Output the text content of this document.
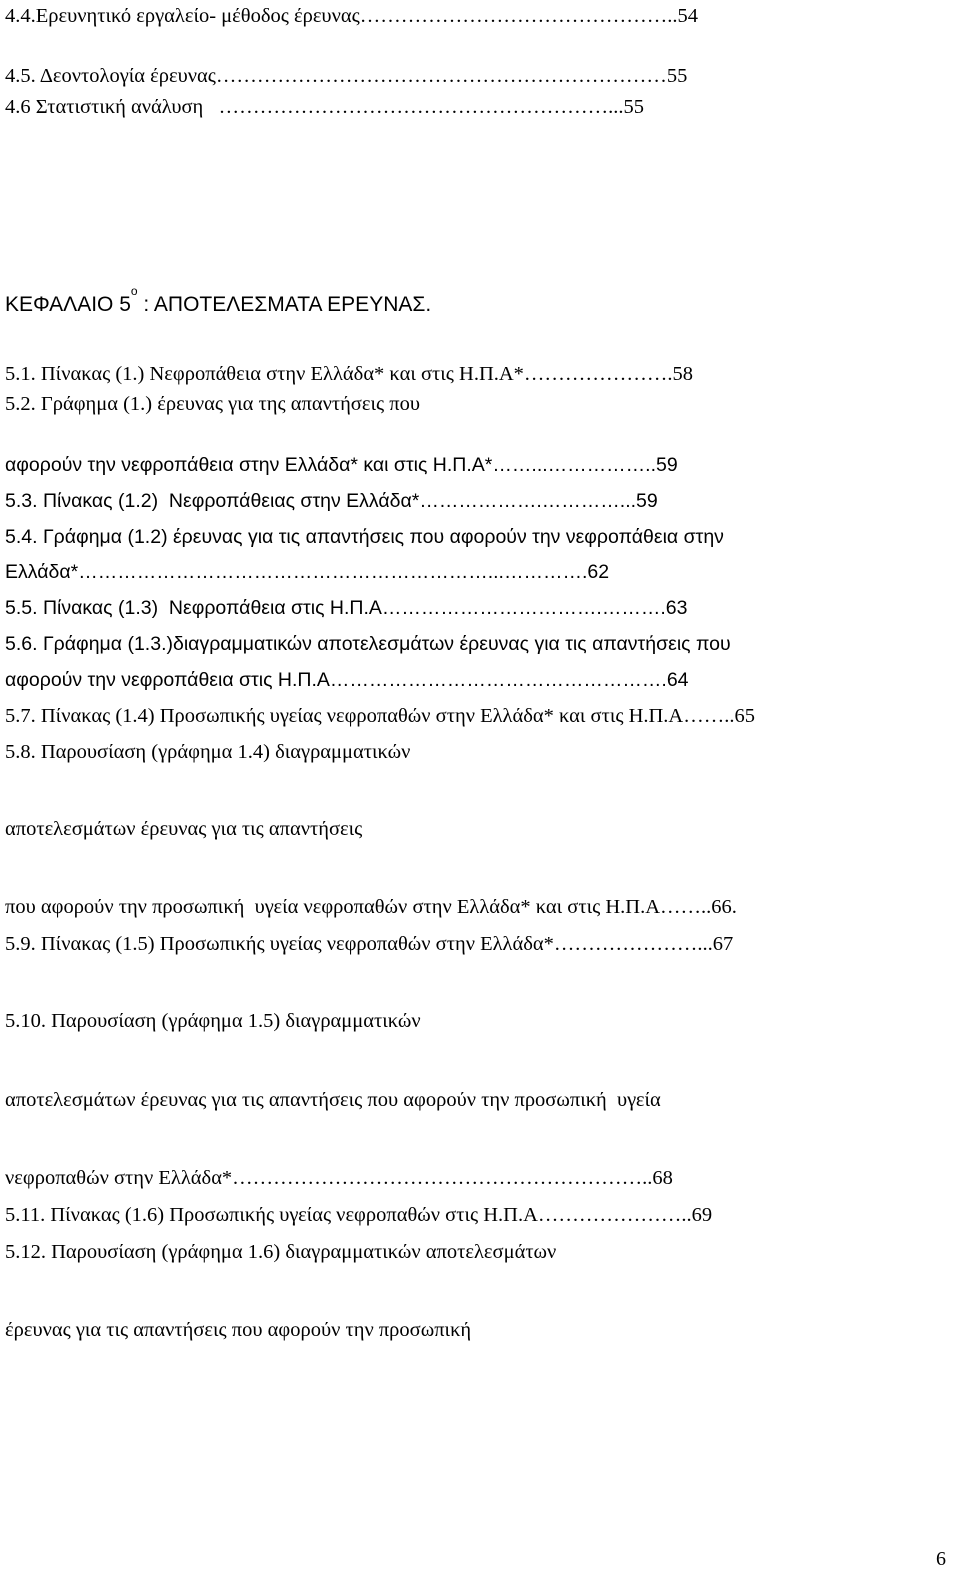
4.4.Ερευνητικό εργαλείο- μέθοδος έρευνας………………………………………..54
4.5. Δεοντολογία έρευνας…………………………………………………………55
4.6 Στατιστική ανάλυση   …………………………………………………...55
ΚΕΦΑΛΑΙΟ $5^o$ : ΑΠΟΤΕΛΕΣΜΑΤΑ ΕΡΕΥΝΑΣ.
5.1. Πίνακας (1.) Νεφροπάθεια στην Ελλάδα* και στις Η.Π.Α*………………….58
5.2. Γράφημα (1.) έρευνας για της απαντήσεις που
αφορούν την νεφροπάθεια στην Ελλάδα* και στις Η.Π.Α*……...……………..59
5.3. Πίνακας (1.2)  Νεφροπάθειας στην Ελλάδα*……………….…………...59
5.4. Γράφημα (1.2) έρευνας για τις απαντήσεις που αφορούν την νεφροπάθεια στην
Ελλάδα*………………………………………………………...………….62
5.5. Πίνακας (1.3)  Νεφροπάθεια στις Η.Π.Α…………………………….……….63
5.6. Γράφημα (1.3.)διαγραμματικών αποτελεσμάτων έρευνας για τις απαντήσεις που
αφορούν την νεφροπάθεια στις Η.Π.Α…………………………………………….64
5.7. Πίνακας (1.4) Προσωπικής υγείας νεφροπαθών στην Ελλάδα* και στις Η.Π.Α……..65
5.8. Παρουσίαση (γράφημα 1.4) διαγραμματικών
αποτελεσμάτων έρευνας για τις απαντήσεις
που αφορούν την προσωπική  υγεία νεφροπαθών στην Ελλάδα* και στις Η.Π.Α……..66.
5.9. Πίνακας (1.5) Προσωπικής υγείας νεφροπαθών στην Ελλάδα*…………………...67
5.10. Παρουσίαση (γράφημα 1.5) διαγραμματικών
αποτελεσμάτων έρευνας για τις απαντήσεις που αφορούν την προσωπική  υγεία
νεφροπαθών στην Ελλάδα*……………………………………………………..68
5.11. Πίνακας (1.6) Προσωπικής υγείας νεφροπαθών στις Η.Π.Α…………………..69
5.12. Παρουσίαση (γράφημα 1.6) διαγραμματικών αποτελεσμάτων
έρευνας για τις απαντήσεις που αφορούν την προσωπική
6
